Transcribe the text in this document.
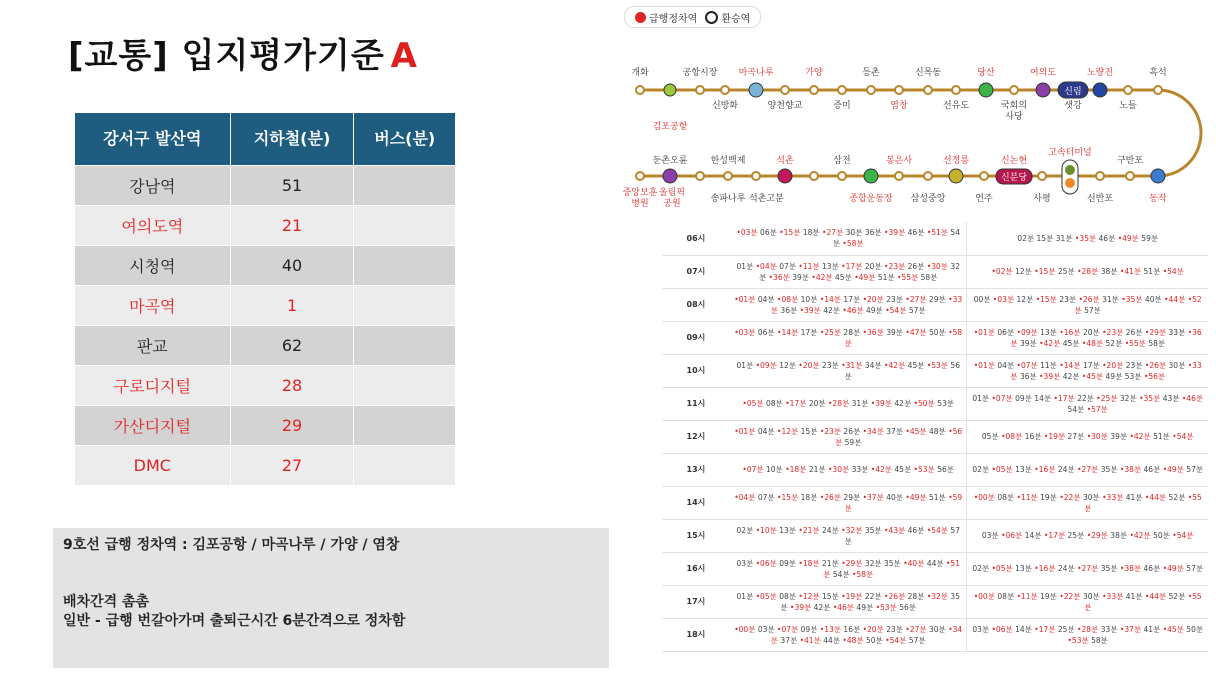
[교통] 입지평가기준 A
강서구 발산역	지하철(분)	버스(분)
강남역	51	
여의도역	21	
시청역	40	
마곡역	1	
판교	62	
구로디지털	28	
가산디지털	29	
DMC	27	

9호선 급행 정차역 : 김포공항 / 마곡나루 / 가양 / 염창

배차간격 촘촘

일반 - 급행 번갈아가며 출퇴근시간 6분간격으로 정차함

급행정차역 환승역
신림
신분당
개화	공항시장 마곡나루	가양	등촌	신목동	당산	여의도	노량진	흑석
김포공항
신방화	양천향교	증미	염창	선유도	국회의사당
샛강	노들
중앙보훈병원
둔촌오륜	한성백제	석촌	삼전	봉은사	선정릉	신논현
고속터미널
구반포
동작
올림픽공원	송파나루 석촌고분	종합운동장 삼성중앙	언주	사평	신반포
06시	•03분 06분 •15분 18분 •27분 30분 36분 •39분 46분 •51분 54분 •58분	02분 15분 31분 •35분 46분 •49분 59분
07시	01분 •04분 07분 •11분 13분 •17분 20분 •23분 26분 •30분 32분 •36분 39분 •42분 45분 •49분 51분 •55분 58분	•02분 12분 •15분 25분 •28분 38분 •41분 51분 •54분
08시	•01분 04분 •08분 10분 •14분 17분 •20분 23분 •27분 29분 •33분 36분 •39분 42분 •46분 49분 •54분 57분	00분 •03분 12분 •15분 23분 •26분 31분 •35분 40분 •44분 •52분 57분
09시	•03분 06분 •14분 17분 •25분 28분 •36분 39분 •47분 50분 •58분	•01분 06분 •09분 13분 •16분 20분 •23분 26분 •29분 33분 •36분 39분 •42분 45분 •48분 52분 •55분 58분
10시	01분 •09분 12분 •20분 23분 •31분 34분 •42분 45분 •53분 56분	•01분 04분 •07분 11분 •14분 17분 •20분 23분 •26분 30분 •33분 36분 •39분 42분 •45분 49분 53분 •56분
11시	•05분 08분 •17분 20분 •28분 31분 •39분 42분 •50분 53분	01분 •07분 09분 14분 •17분 22분 •25분 32분 •35분 43분 •46분 54분 •57분
12시	•01분 04분 •12분 15분 •23분 26분 •34분 37분 •45분 48분 •56분 59분	05분 •08분 16분 •19분 27분 •30분 39분 •42분 51분 •54분
13시	•07분 10분 •18분 21분 •30분 33분 •42분 45분 •53분 56분	02분 •05분 13분 •16분 24분 •27분 35분 •38분 46분 •49분 57분
14시	•04분 07분 •15분 18분 •26분 29분 •37분 40분 •49분 51분 •59분	•00분 08분 •11분 19분 •22분 30분 •33분 41분 •44분 52분 •55분
15시	02분 •10분 13분 •21분 24분 •32분 35분 •43분 46분 •54분 57분	03분 •06분 14분 •17분 25분 •29분 38분 •42분 50분 •54분
16시	03분 •06분 09분 •18분 21분 •29분 32분 35분 •40분 44분 •51분 54분 •58분	02분 •05분 13분 •16분 24분 •27분 35분 •38분 46분 •49분 57분
17시	01분 •05분 08분 •12분 15분 •19분 22분 •26분 28분 •32분 35분 •39분 42분 •46분 49분 •53분 56분	•00분 08분 •11분 19분 •22분 30분 •33분 41분 •44분 52분 •55분
18시	•00분 03분 •07분 09분 •13분 16분 •20분 23분 •27분 30분 •34분 37분 •41분 44분 •48분 50분 •54분 57분	03분 •06분 14분 •17분 25분 •28분 33분 •37분 41분 •45분 50분 •53분 58분
